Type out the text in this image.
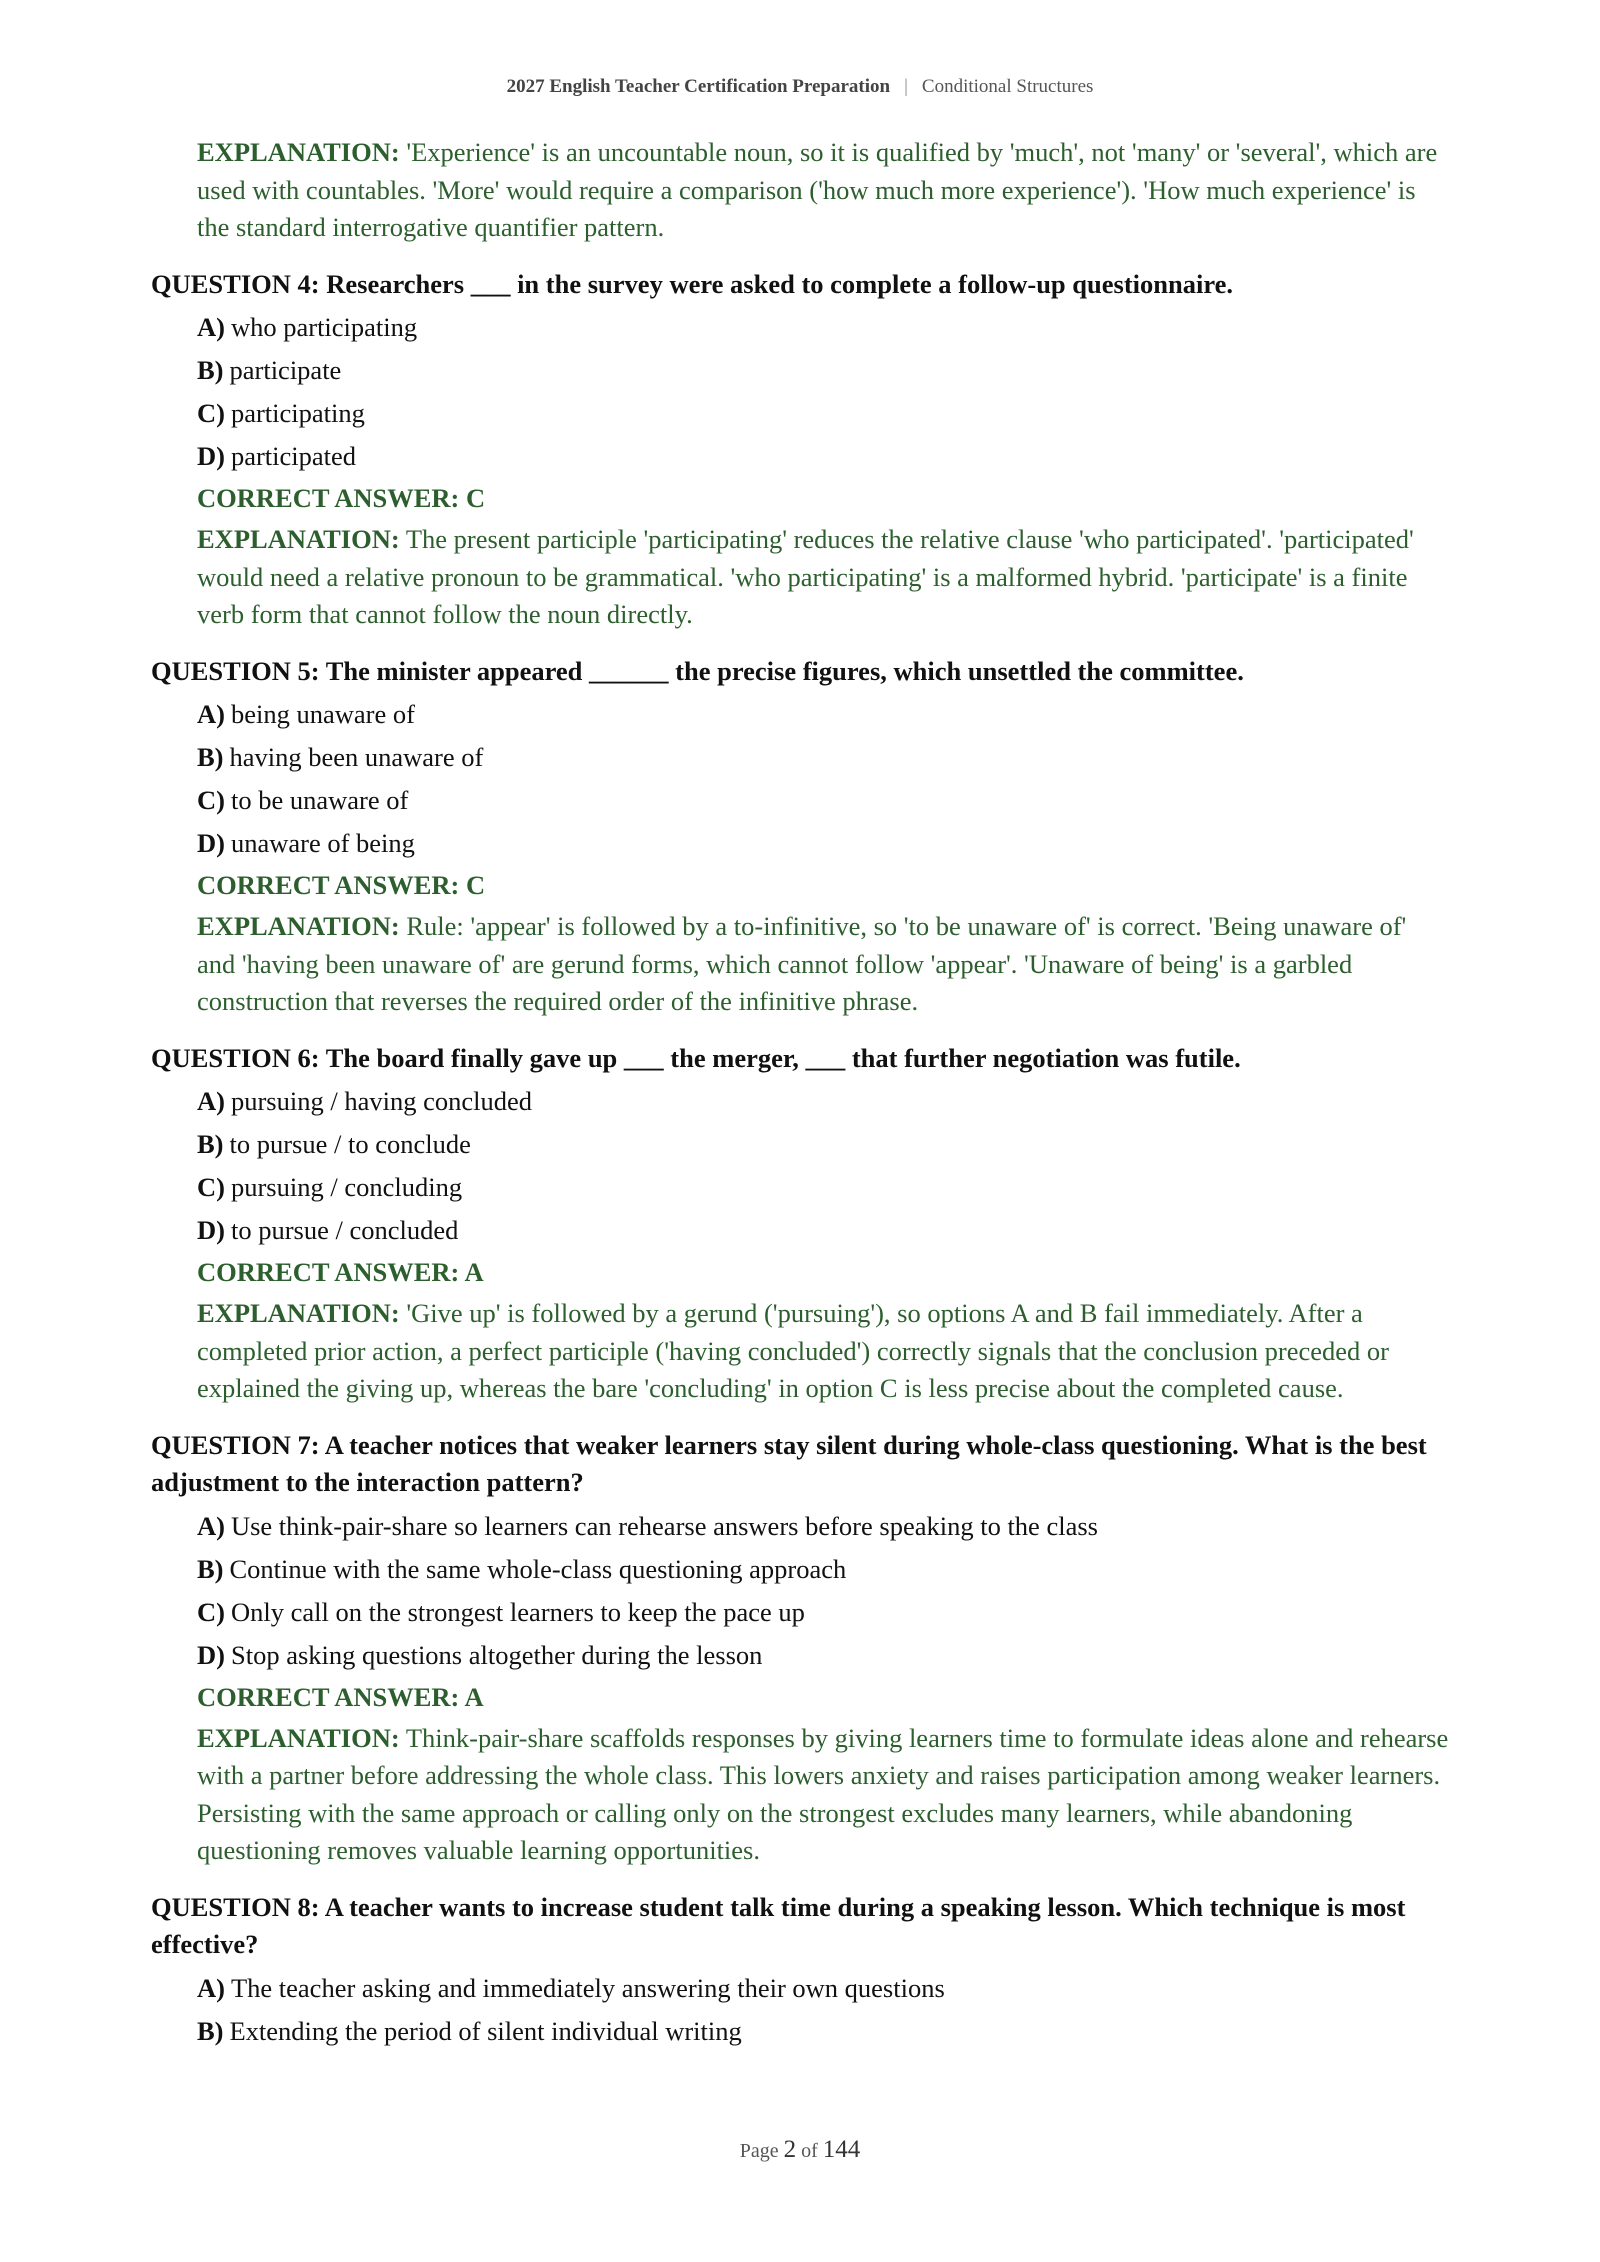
2027 English Teacher Certification Preparation | Conditional Structures
EXPLANATION: 'Experience' is an uncountable noun, so it is qualified by 'much', not 'many' or 'several', which are used with countables. 'More' would require a comparison ('how much more experience'). 'How much experience' is the standard interrogative quantifier pattern.
QUESTION 4: Researchers ___ in the survey were asked to complete a follow-up questionnaire.
A) who participating
B) participate
C) participating
D) participated
CORRECT ANSWER: C
EXPLANATION: The present participle 'participating' reduces the relative clause 'who participated'. 'participated' would need a relative pronoun to be grammatical. 'who participating' is a malformed hybrid. 'participate' is a finite verb form that cannot follow the noun directly.
QUESTION 5: The minister appeared ______ the precise figures, which unsettled the committee.
A) being unaware of
B) having been unaware of
C) to be unaware of
D) unaware of being
CORRECT ANSWER: C
EXPLANATION: Rule: 'appear' is followed by a to-infinitive, so 'to be unaware of' is correct. 'Being unaware of' and 'having been unaware of' are gerund forms, which cannot follow 'appear'. 'Unaware of being' is a garbled construction that reverses the required order of the infinitive phrase.
QUESTION 6: The board finally gave up ___ the merger, ___ that further negotiation was futile.
A) pursuing / having concluded
B) to pursue / to conclude
C) pursuing / concluding
D) to pursue / concluded
CORRECT ANSWER: A
EXPLANATION: 'Give up' is followed by a gerund ('pursuing'), so options A and B fail immediately. After a completed prior action, a perfect participle ('having concluded') correctly signals that the conclusion preceded or explained the giving up, whereas the bare 'concluding' in option C is less precise about the completed cause.
QUESTION 7: A teacher notices that weaker learners stay silent during whole-class questioning. What is the best adjustment to the interaction pattern?
A) Use think-pair-share so learners can rehearse answers before speaking to the class
B) Continue with the same whole-class questioning approach
C) Only call on the strongest learners to keep the pace up
D) Stop asking questions altogether during the lesson
CORRECT ANSWER: A
EXPLANATION: Think-pair-share scaffolds responses by giving learners time to formulate ideas alone and rehearse with a partner before addressing the whole class. This lowers anxiety and raises participation among weaker learners. Persisting with the same approach or calling only on the strongest excludes many learners, while abandoning questioning removes valuable learning opportunities.
QUESTION 8: A teacher wants to increase student talk time during a speaking lesson. Which technique is most effective?
A) The teacher asking and immediately answering their own questions
B) Extending the period of silent individual writing
Page 2 of 144
